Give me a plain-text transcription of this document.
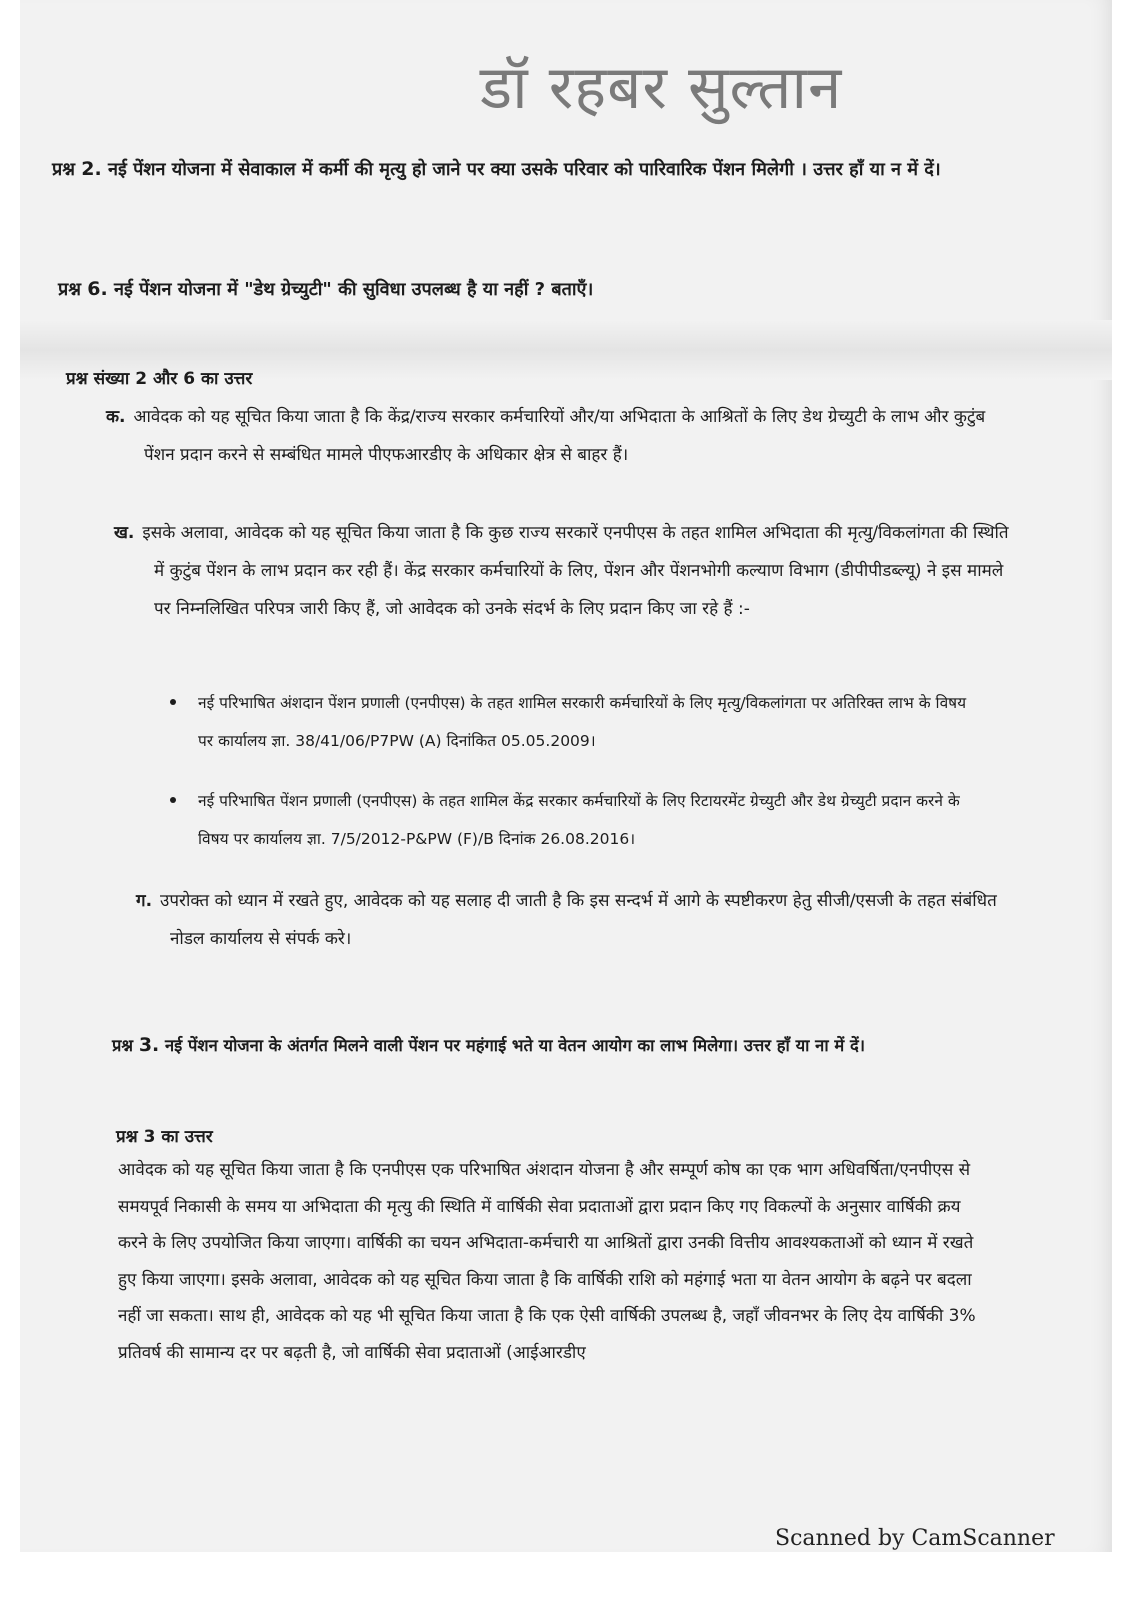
डॉ रहबर सुल्तान
प्रश्न 2. नई पेंशन योजना में सेवाकाल में कर्मी की मृत्यु हो जाने पर क्या उसके परिवार को पारिवारिक पेंशन मिलेगी । उत्तर हाँ या न में दें।
प्रश्न 6. नई पेंशन योजना में "डेथ ग्रेच्युटी" की सुविधा उपलब्ध है या नहीं ? बताएँ।
प्रश्न संख्या 2 और 6 का उत्तर
क. आवेदक को यह सूचित किया जाता है कि केंद्र/राज्य सरकार कर्मचारियों और/या अभिदाता के आश्रितों के लिए डेथ ग्रेच्युटी के लाभ और कुटुंब पेंशन प्रदान करने से सम्बंधित मामले पीएफआरडीए के अधिकार क्षेत्र से बाहर हैं।
ख. इसके अलावा, आवेदक को यह सूचित किया जाता है कि कुछ राज्य सरकारें एनपीएस के तहत शामिल अभिदाता की मृत्यु/विकलांगता की स्थिति में कुटुंब पेंशन के लाभ प्रदान कर रही हैं। केंद्र सरकार कर्मचारियों के लिए, पेंशन और पेंशनभोगी कल्याण विभाग (डीपीपीडब्ल्यू) ने इस मामले पर निम्नलिखित परिपत्र जारी किए हैं, जो आवेदक को उनके संदर्भ के लिए प्रदान किए जा रहे हैं :-
नई परिभाषित अंशदान पेंशन प्रणाली (एनपीएस) के तहत शामिल सरकारी कर्मचारियों के लिए मृत्यु/विकलांगता पर अतिरिक्त लाभ के विषय पर कार्यालय ज्ञा. 38/41/06/P7PW (A) दिनांकित 05.05.2009।
नई परिभाषित पेंशन प्रणाली (एनपीएस) के तहत शामिल केंद्र सरकार कर्मचारियों के लिए रिटायरमेंट ग्रेच्युटी और डेथ ग्रेच्युटी प्रदान करने के विषय पर कार्यालय ज्ञा. 7/5/2012-P&PW (F)/B दिनांक 26.08.2016।
ग. उपरोक्त को ध्यान में रखते हुए, आवेदक को यह सलाह दी जाती है कि इस सन्दर्भ में आगे के स्पष्टीकरण हेतु सीजी/एसजी के तहत संबंधित नोडल कार्यालय से संपर्क करे।
प्रश्न 3. नई पेंशन योजना के अंतर्गत मिलने वाली पेंशन पर महंगाई भते या वेतन आयोग का लाभ मिलेगा। उत्तर हाँ या ना में दें।
प्रश्न 3 का उत्तर
आवेदक को यह सूचित किया जाता है कि एनपीएस एक परिभाषित अंशदान योजना है और सम्पूर्ण कोष का एक भाग अधिवर्षिता/एनपीएस से समयपूर्व निकासी के समय या अभिदाता की मृत्यु की स्थिति में वार्षिकी सेवा प्रदाताओं द्वारा प्रदान किए गए विकल्पों के अनुसार वार्षिकी क्रय करने के लिए उपयोजित किया जाएगा। वार्षिकी का चयन अभिदाता-कर्मचारी या आश्रितों द्वारा उनकी वित्तीय आवश्यकताओं को ध्यान में रखते हुए किया जाएगा। इसके अलावा, आवेदक को यह सूचित किया जाता है कि वार्षिकी राशि को महंगाई भता या वेतन आयोग के बढ़ने पर बदला नहीं जा सकता। साथ ही, आवेदक को यह भी सूचित किया जाता है कि एक ऐसी वार्षिकी उपलब्ध है, जहाँ जीवनभर के लिए देय वार्षिकी 3% प्रतिवर्ष की सामान्य दर पर बढ़ती है, जो वार्षिकी सेवा प्रदाताओं (आईआरडीए
Scanned by CamScanner
